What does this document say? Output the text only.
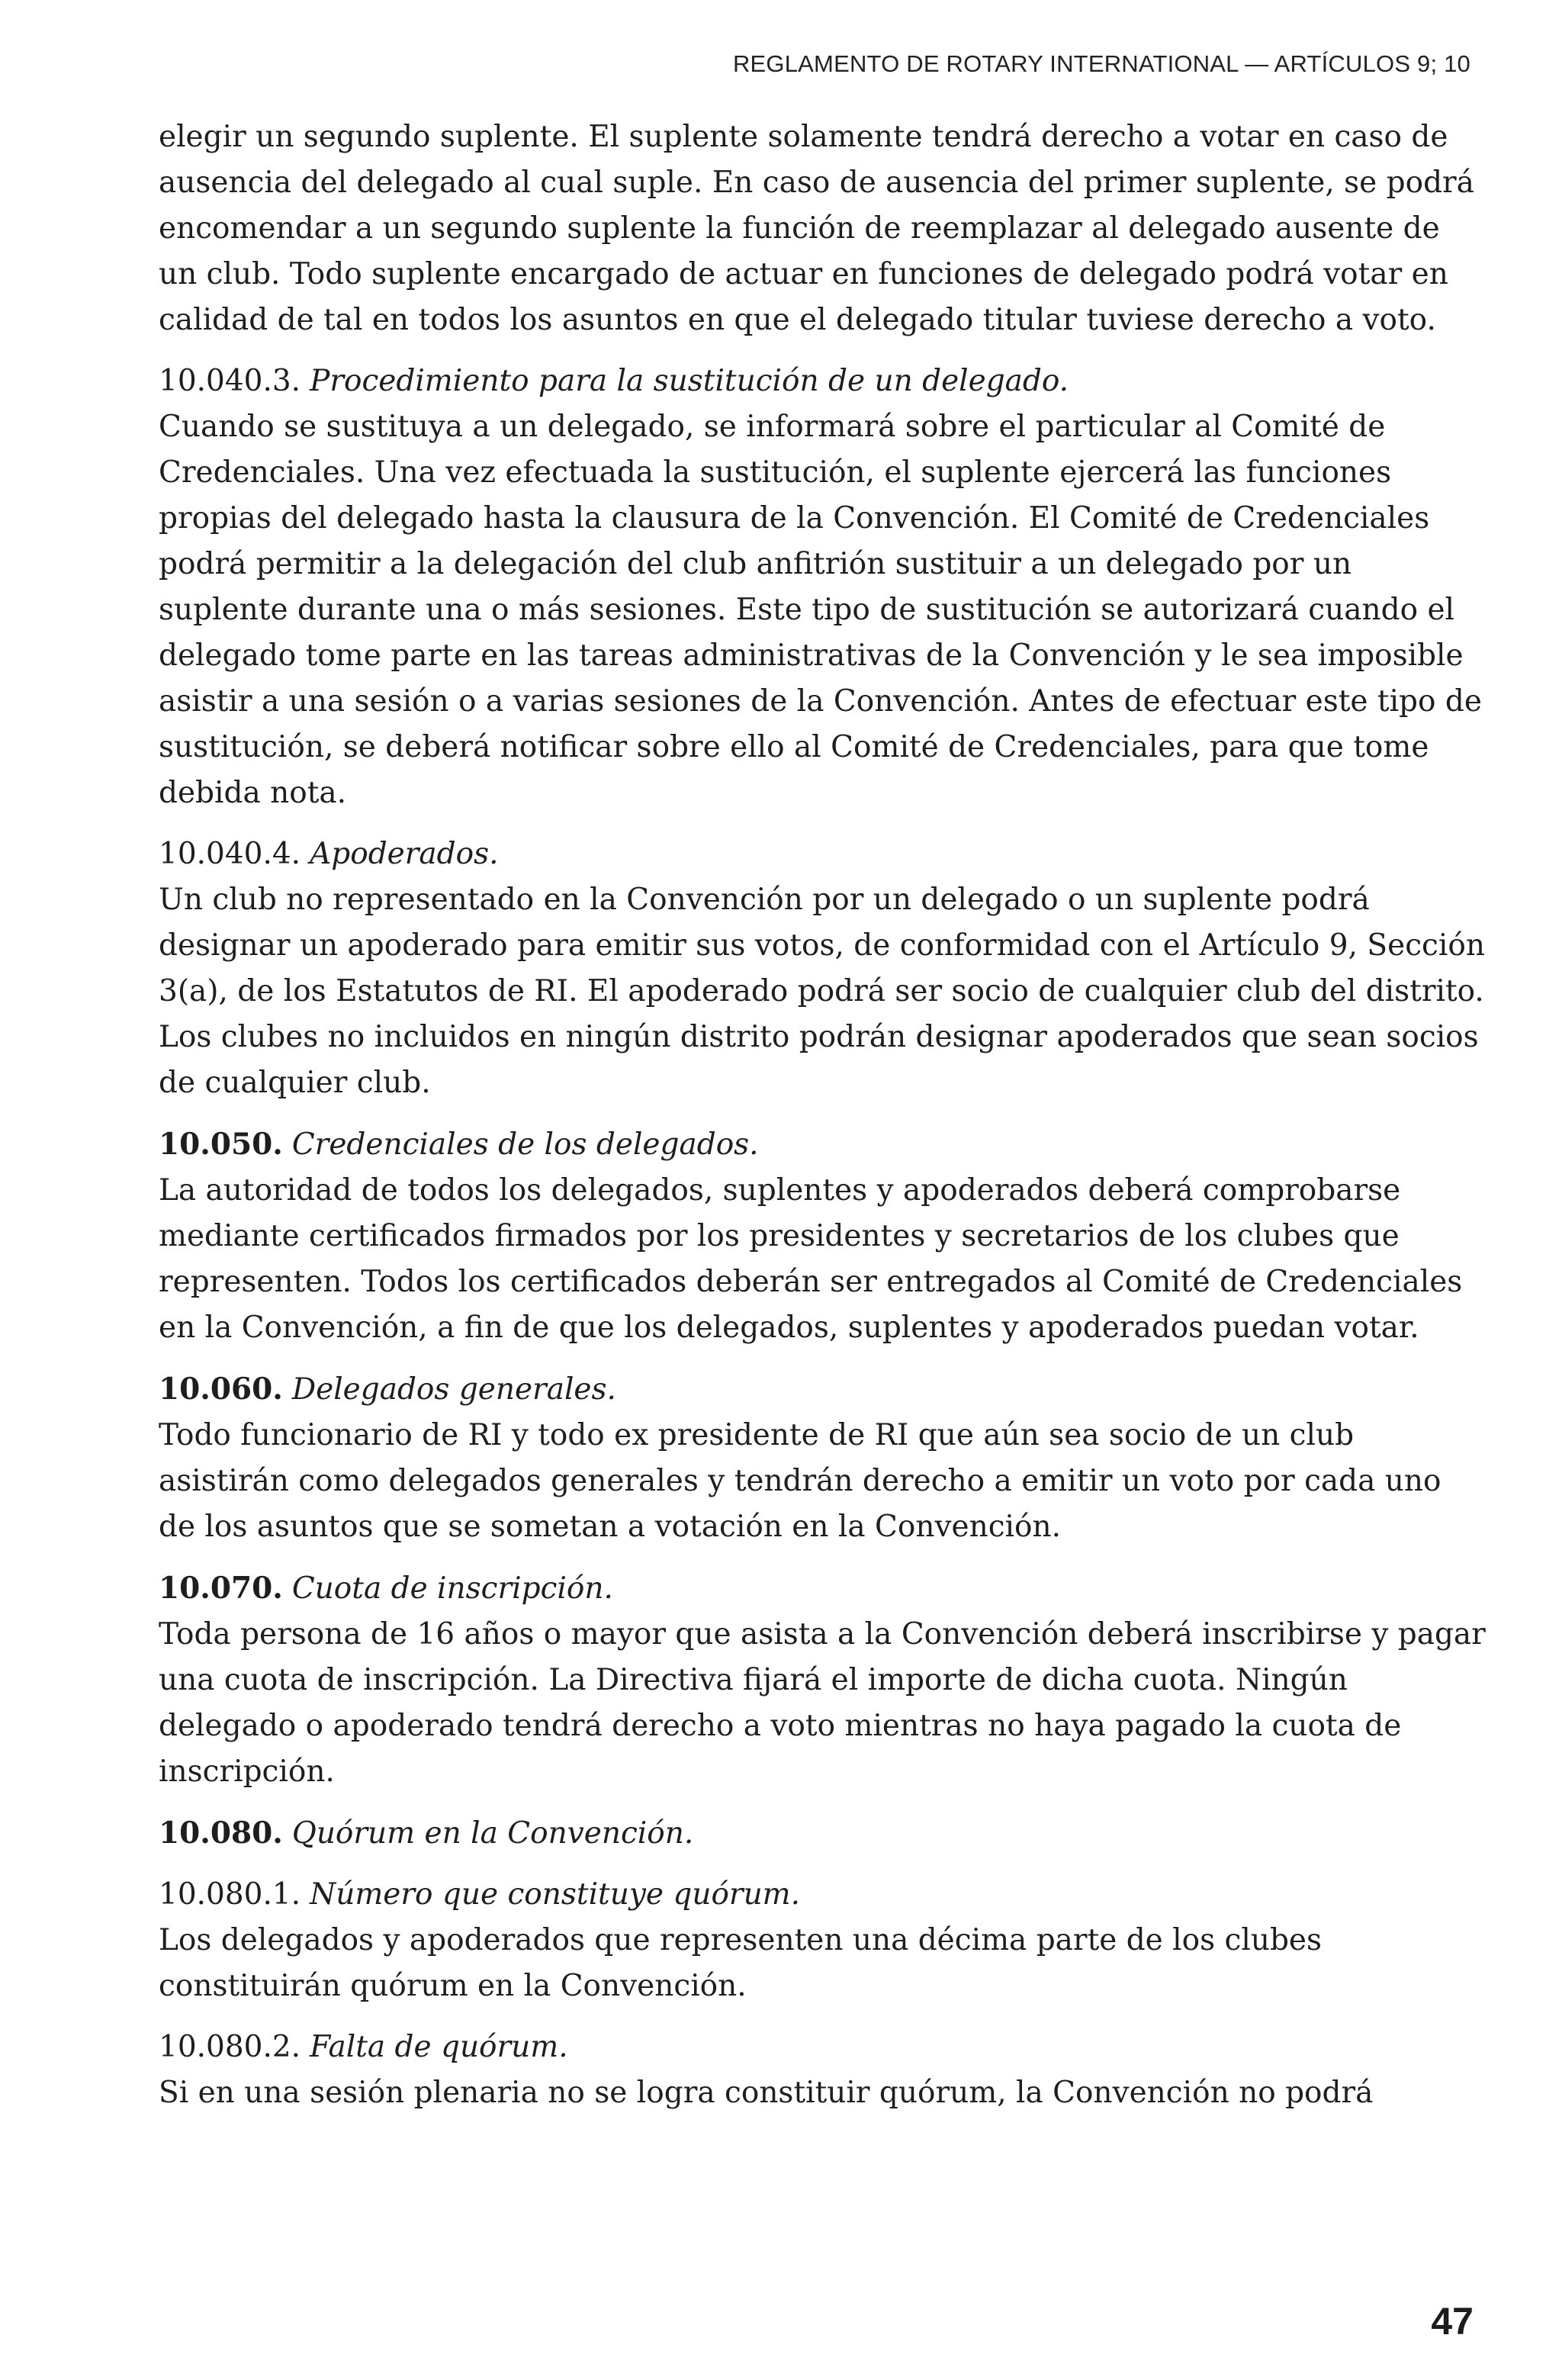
REGLAMENTO DE ROTARY INTERNATIONAL — ARTÍCULOS 9; 10

elegir un segundo suplente. El suplente solamente tendrá derecho a votar en caso de ausencia del delegado al cual suple. En caso de ausencia del primer suplente, se podrá encomendar a un segundo suplente la función de reemplazar al delegado ausente de un club. Todo suplente encargado de actuar en funciones de delegado podrá votar en calidad de tal en todos los asuntos en que el delegado titular tuviese derecho a voto.

10.040.3. Procedimiento para la sustitución de un delegado.

Cuando se sustituya a un delegado, se informará sobre el particular al Comité de Credenciales. Una vez efectuada la sustitución, el suplente ejercerá las funciones propias del delegado hasta la clausura de la Convención. El Comité de Credenciales podrá permitir a la delegación del club anfitrión sustituir a un delegado por un suplente durante una o más sesiones. Este tipo de sustitución se autorizará cuando el delegado tome parte en las tareas administrativas de la Convención y le sea imposible asistir a una sesión o a varias sesiones de la Convención. Antes de efectuar este tipo de sustitución, se deberá notificar sobre ello al Comité de Credenciales, para que tome debida nota.

10.040.4. Apoderados.

Un club no representado en la Convención por un delegado o un suplente podrá designar un apoderado para emitir sus votos, de conformidad con el Artículo 9, Sección 3(a), de los Estatutos de RI. El apoderado podrá ser socio de cualquier club del distrito. Los clubes no incluidos en ningún distrito podrán designar apoderados que sean socios de cualquier club.

10.050. Credenciales de los delegados.

La autoridad de todos los delegados, suplentes y apoderados deberá comprobarse mediante certificados firmados por los presidentes y secretarios de los clubes que representen. Todos los certificados deberán ser entregados al Comité de Credenciales en la Convención, a fin de que los delegados, suplentes y apoderados puedan votar.

10.060. Delegados generales.

Todo funcionario de RI y todo ex presidente de RI que aún sea socio de un club asistirán como delegados generales y tendrán derecho a emitir un voto por cada uno de los asuntos que se sometan a votación en la Convención.

10.070. Cuota de inscripción.

Toda persona de 16 años o mayor que asista a la Convención deberá inscribirse y pagar una cuota de inscripción. La Directiva fijará el importe de dicha cuota. Ningún delegado o apoderado tendrá derecho a voto mientras no haya pagado la cuota de inscripción.

10.080. Quórum en la Convención.

10.080.1. Número que constituye quórum.

Los delegados y apoderados que representen una décima parte de los clubes constituirán quórum en la Convención.

10.080.2. Falta de quórum.

Si en una sesión plenaria no se logra constituir quórum, la Convención no podrá

47
